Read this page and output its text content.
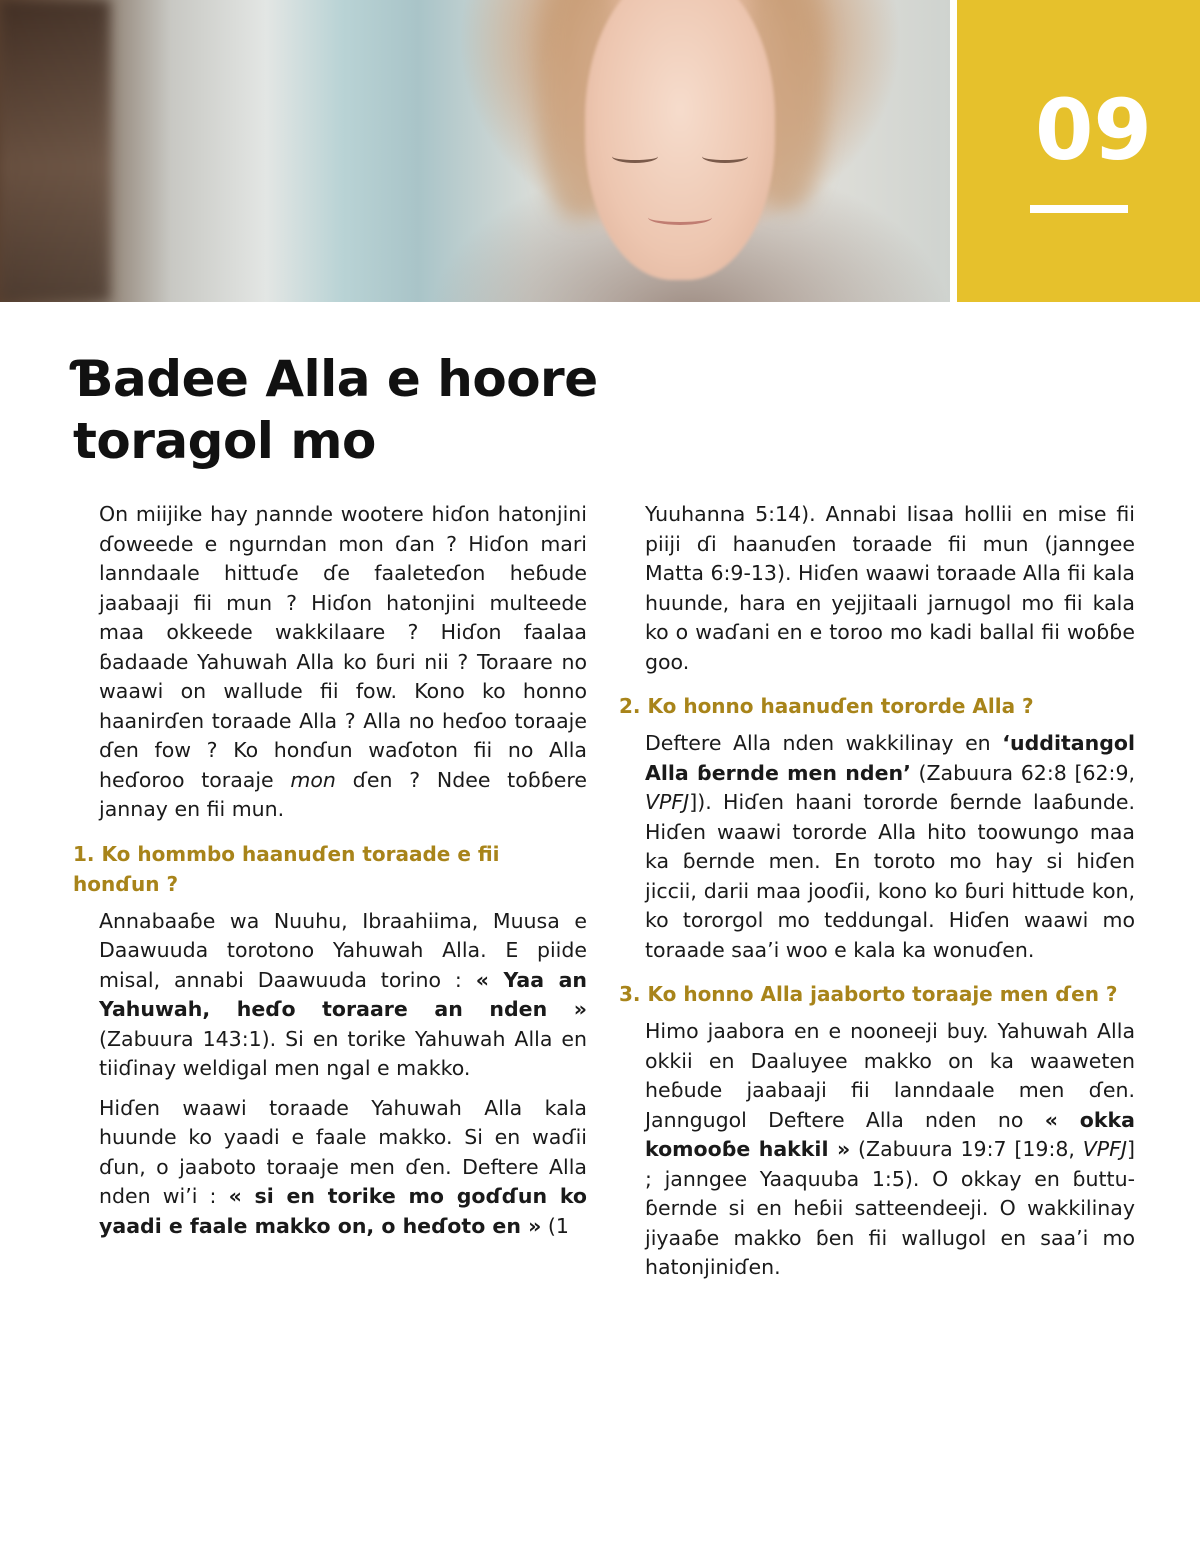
09
Ɓadee Alla e hoore toragol mo

On miijike hay ɲannde wootere hiɗon hatonjini ɗoweede e ngurndan mon ɗan ? Hiɗon mari lanndaale hittuɗe ɗe faaleteɗon heɓude jaabaaji fii mun ? Hiɗon hatonjini multeede maa okkeede wakkilaare ? Hiɗon faalaa ɓadaade Yahuwah Alla ko ɓuri nii ? Toraare no waawi on wallude fii fow. Kono ko honno haanirɗen toraade Alla ? Alla no heɗoo toraaje ɗen fow ? Ko honɗun waɗoton fii no Alla heɗoroo toraaje mon ɗen ? Ndee toɓɓere jannay en fii mun.

1. Ko hommbo haanuɗen toraade e fii honɗun ?

Annabaaɓe wa Nuuhu, Ibraahiima, Muusa e Daawuuda torotono Yahuwah Alla. E piide misal, annabi Daawuuda torino : « Yaa an Yahuwah, heɗo toraare an nden » (Zabuura 143:1). Si en torike Yahuwah Alla en tiiɗinay weldigal men ngal e makko.

Hiɗen waawi toraade Yahuwah Alla kala huunde ko yaadi e faale makko. Si en waɗii ɗun, o jaaboto toraaje men ɗen. Deftere Alla nden wi’i : « si en torike mo goɗɗun ko yaadi e faale makko on, o heɗoto en » (1

Yuuhanna 5:14). Annabi Iisaa hollii en mise fii piiji ɗi haanuɗen toraade fii mun (janngee Matta 6:9-13). Hiɗen waawi toraade Alla fii kala huunde, hara en yejjitaali jarnugol mo fii kala ko o waɗani en e toroo mo kadi ballal fii woɓɓe goo.

2. Ko honno haanuɗen tororde Alla ?

Deftere Alla nden wakkilinay en ‘udditangol Alla ɓernde men nden’ (Zabuura 62:8 [62:9, VPFJ]). Hiɗen haani tororde ɓernde laaɓunde. Hiɗen waawi tororde Alla hito toowungo maa ka ɓernde men. En toroto mo hay si hiɗen jiccii, darii maa jooɗii, kono ko ɓuri hittude kon, ko tororgol mo teddungal. Hiɗen waawi mo toraade saa’i woo e kala ka wonuɗen.

3. Ko honno Alla jaaborto toraaje men ɗen ?

Himo jaabora en e nooneeji buy. Yahuwah Alla okkii en Daaluyee makko on ka waaweten heɓude jaabaaji fii lanndaale men ɗen. Janngugol Deftere Alla nden no « okka komooɓe hakkil » (Zabuura 19:7 [19:8, VPFJ] ; janngee Yaaquuba 1:5). O okkay en ɓuttu-ɓernde si en heɓii satteendeeji. O wakkilinay jiyaaɓe makko ɓen fii wallugol en saa’i mo hatonjiniɗen.
